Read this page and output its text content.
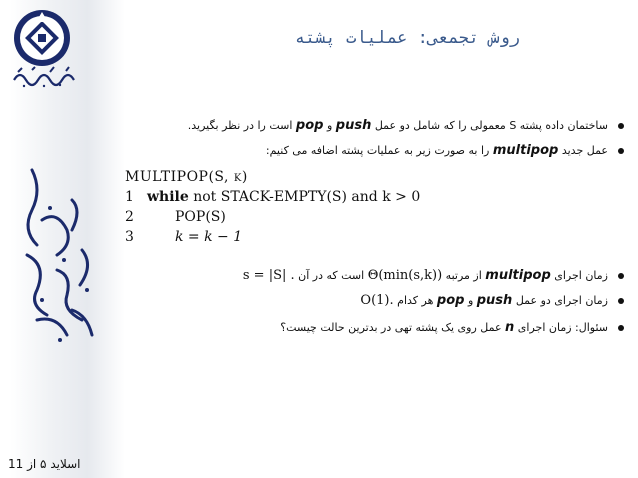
روش تجمعی: عملیات پشته
ساختمان داده پشته S معمولی را که شامل دو عمل push و pop است را در نظر بگیرید.
عمل جدید multipop را به صورت زیر به عملیات پشته اضافه می کنیم:
MULTIPOP(S, k)
1 while
not STACK-EMPTY(S) and k > 0
2	POP(S)
3	k = k − 1
زمان اجرای multipop از مرتبه Θ(min(s,k)) است که در آن s = |S| .
زمان اجرای دو عمل push و pop هر کدام O(1).
سئوال: زمان اجرای n عمل روی یک پشته تهی در بدترین حالت چیست؟
اسلاید ۵ از 11
